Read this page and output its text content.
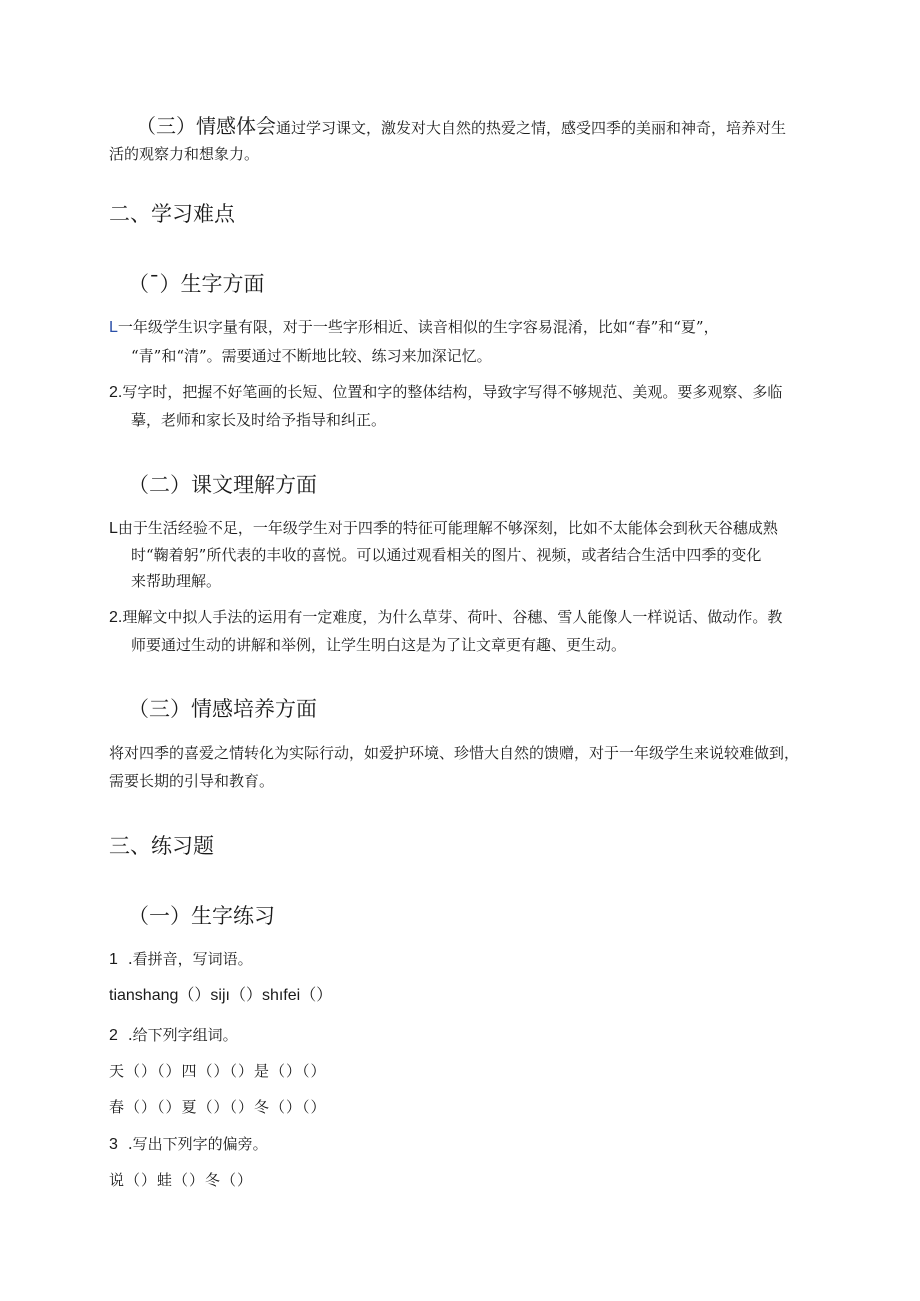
（三）情感体会通过学习课文，激发对大自然的热爱之情，感受四季的美丽和神奇，培养对生
活的观察力和想象力。
二、学习难点
（¯）生字方面
L一年级学生识字量有限，对于一些字形相近、读音相似的生字容易混淆，比如“春”和“夏”，
“青”和“清”。需要通过不断地比较、练习来加深记忆。
2.写字时，把握不好笔画的长短、位置和字的整体结构，导致字写得不够规范、美观。要多观察、多临
摹，老师和家长及时给予指导和纠正。
（二）课文理解方面
L由于生活经验不足，一年级学生对于四季的特征可能理解不够深刻，比如不太能体会到秋天谷穗成熟
时“鞠着躬”所代表的丰收的喜悦。可以通过观看相关的图片、视频，或者结合生活中四季的变化
来帮助理解。
2.理解文中拟人手法的运用有一定难度，为什么草芽、荷叶、谷穗、雪人能像人一样说话、做动作。教
师要通过生动的讲解和举例，让学生明白这是为了让文章更有趣、更生动。
（三）情感培养方面
将对四季的喜爱之情转化为实际行动，如爱护环境、珍惜大自然的馈赠，对于一年级学生来说较难做到，
需要长期的引导和教育。
三、练习题
（一）生字练习
1 .看拼音，写词语。
tianshang（）sijı（）shıfei（）
2 .给下列字组词。
天（）（）四（）（）是（）（）
春（）（）夏（）（）冬（）（）
3 .写出下列字的偏旁。
说（）蛙（）冬（）
